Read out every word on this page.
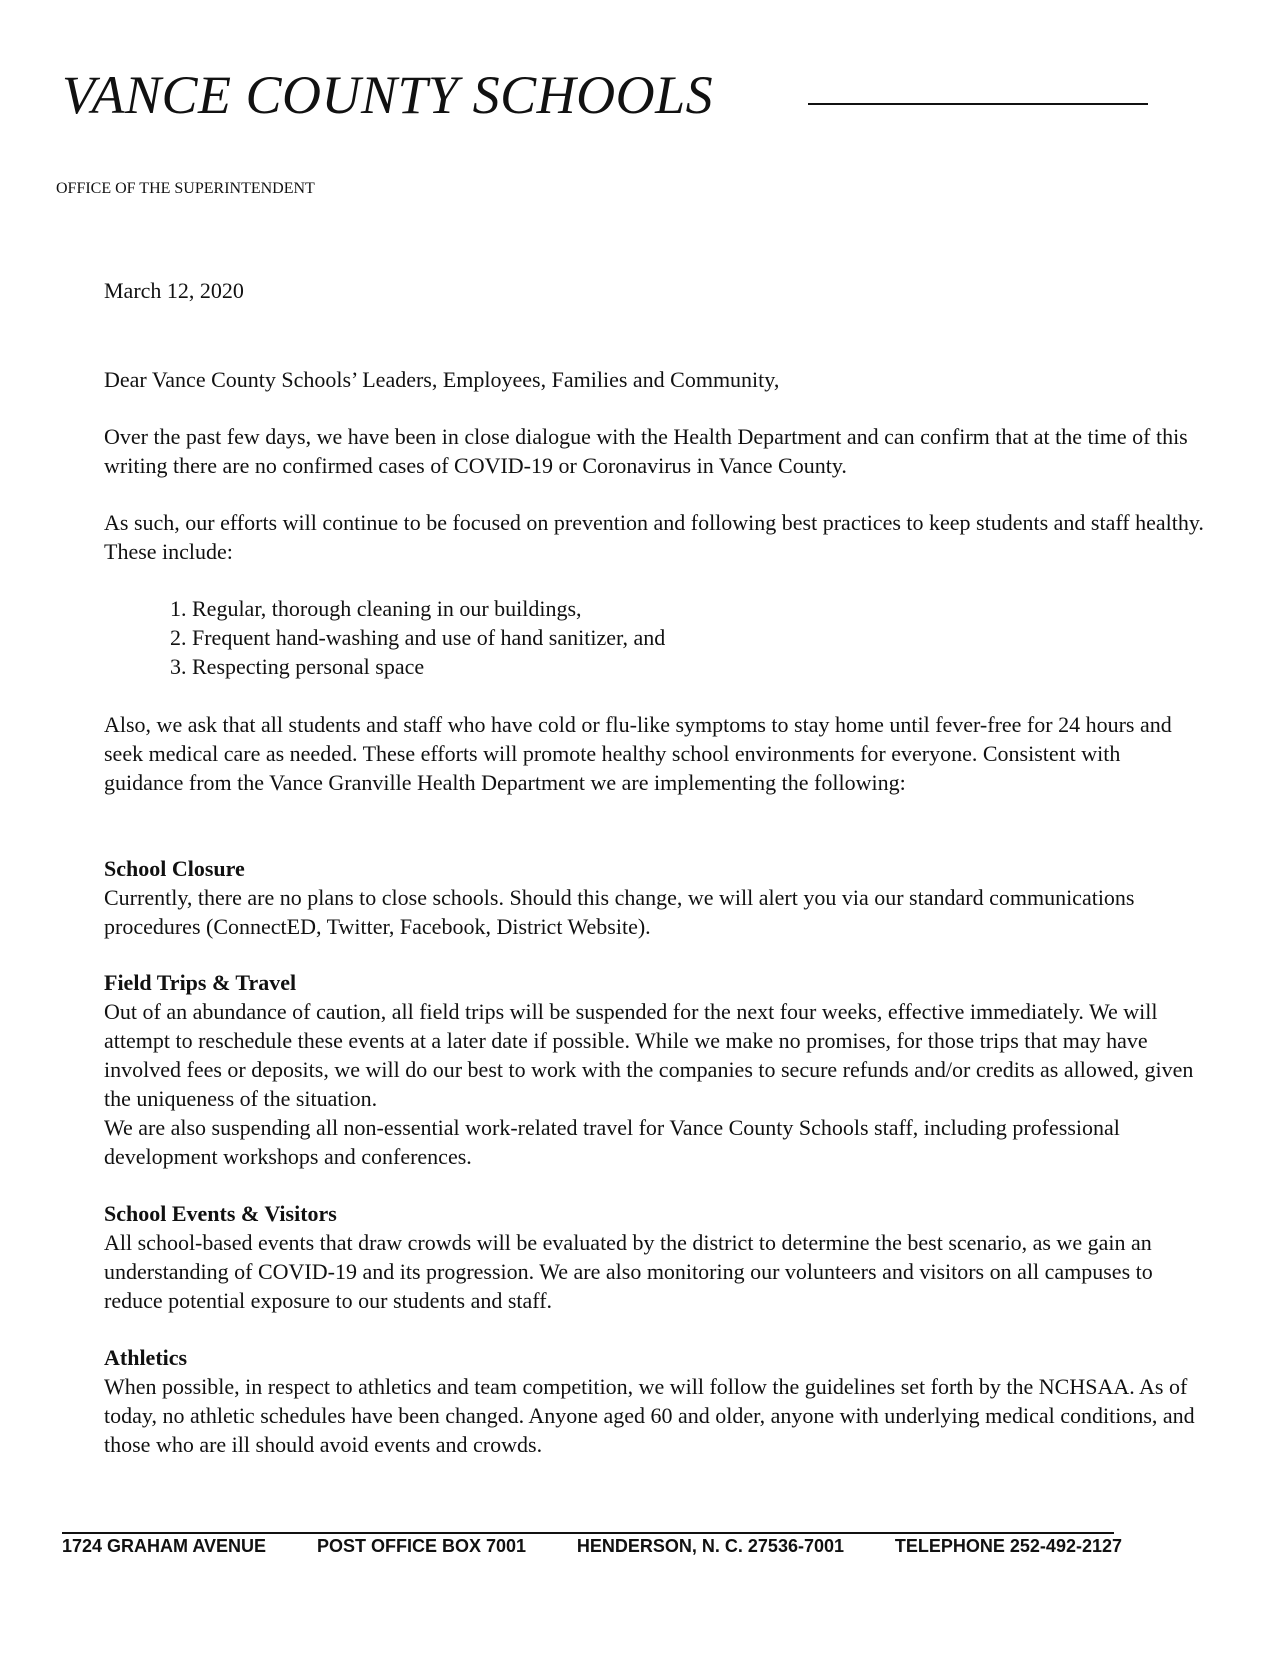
VANCE COUNTY SCHOOLS
OFFICE OF THE SUPERINTENDENT
March 12, 2020
Dear Vance County Schools’ Leaders, Employees, Families and Community,

Over the past few days, we have been in close dialogue with the Health Department and can confirm that at the time of this writing there are no confirmed cases of COVID-19 or Coronavirus in Vance County.

As such, our efforts will continue to be focused on prevention and following best practices to keep students and staff healthy. These include:

1. Regular, thorough cleaning in our buildings,
2. Frequent hand-washing and use of hand sanitizer, and
3. Respecting personal space

Also, we ask that all students and staff who have cold or flu-like symptoms to stay home until fever-free for 24 hours and seek medical care as needed. These efforts will promote healthy school environments for everyone. Consistent with guidance from the Vance Granville Health Department we are implementing the following:

School Closure

Currently, there are no plans to close schools. Should this change, we will alert you via our standard communications procedures (ConnectED, Twitter, Facebook, District Website).

Field Trips & Travel

Out of an abundance of caution, all field trips will be suspended for the next four weeks, effective immediately. We will attempt to reschedule these events at a later date if possible. While we make no promises, for those trips that may have involved fees or deposits, we will do our best to work with the companies to secure refunds and/or credits as allowed, given the uniqueness of the situation.

We are also suspending all non-essential work-related travel for Vance County Schools staff, including professional development workshops and conferences.

School Events & Visitors

All school-based events that draw crowds will be evaluated by the district to determine the best scenario, as we gain an understanding of COVID-19 and its progression. We are also monitoring our volunteers and visitors on all campuses to reduce potential exposure to our students and staff.

Athletics

When possible, in respect to athletics and team competition, we will follow the guidelines set forth by the NCHSAA. As of today, no athletic schedules have been changed. Anyone aged 60 and older, anyone with underlying medical conditions, and those who are ill should avoid events and crowds.

1724 GRAHAM AVENUE	POST OFFICE BOX 7001	HENDERSON, N. C. 27536-7001	TELEPHONE 252-492-2127
